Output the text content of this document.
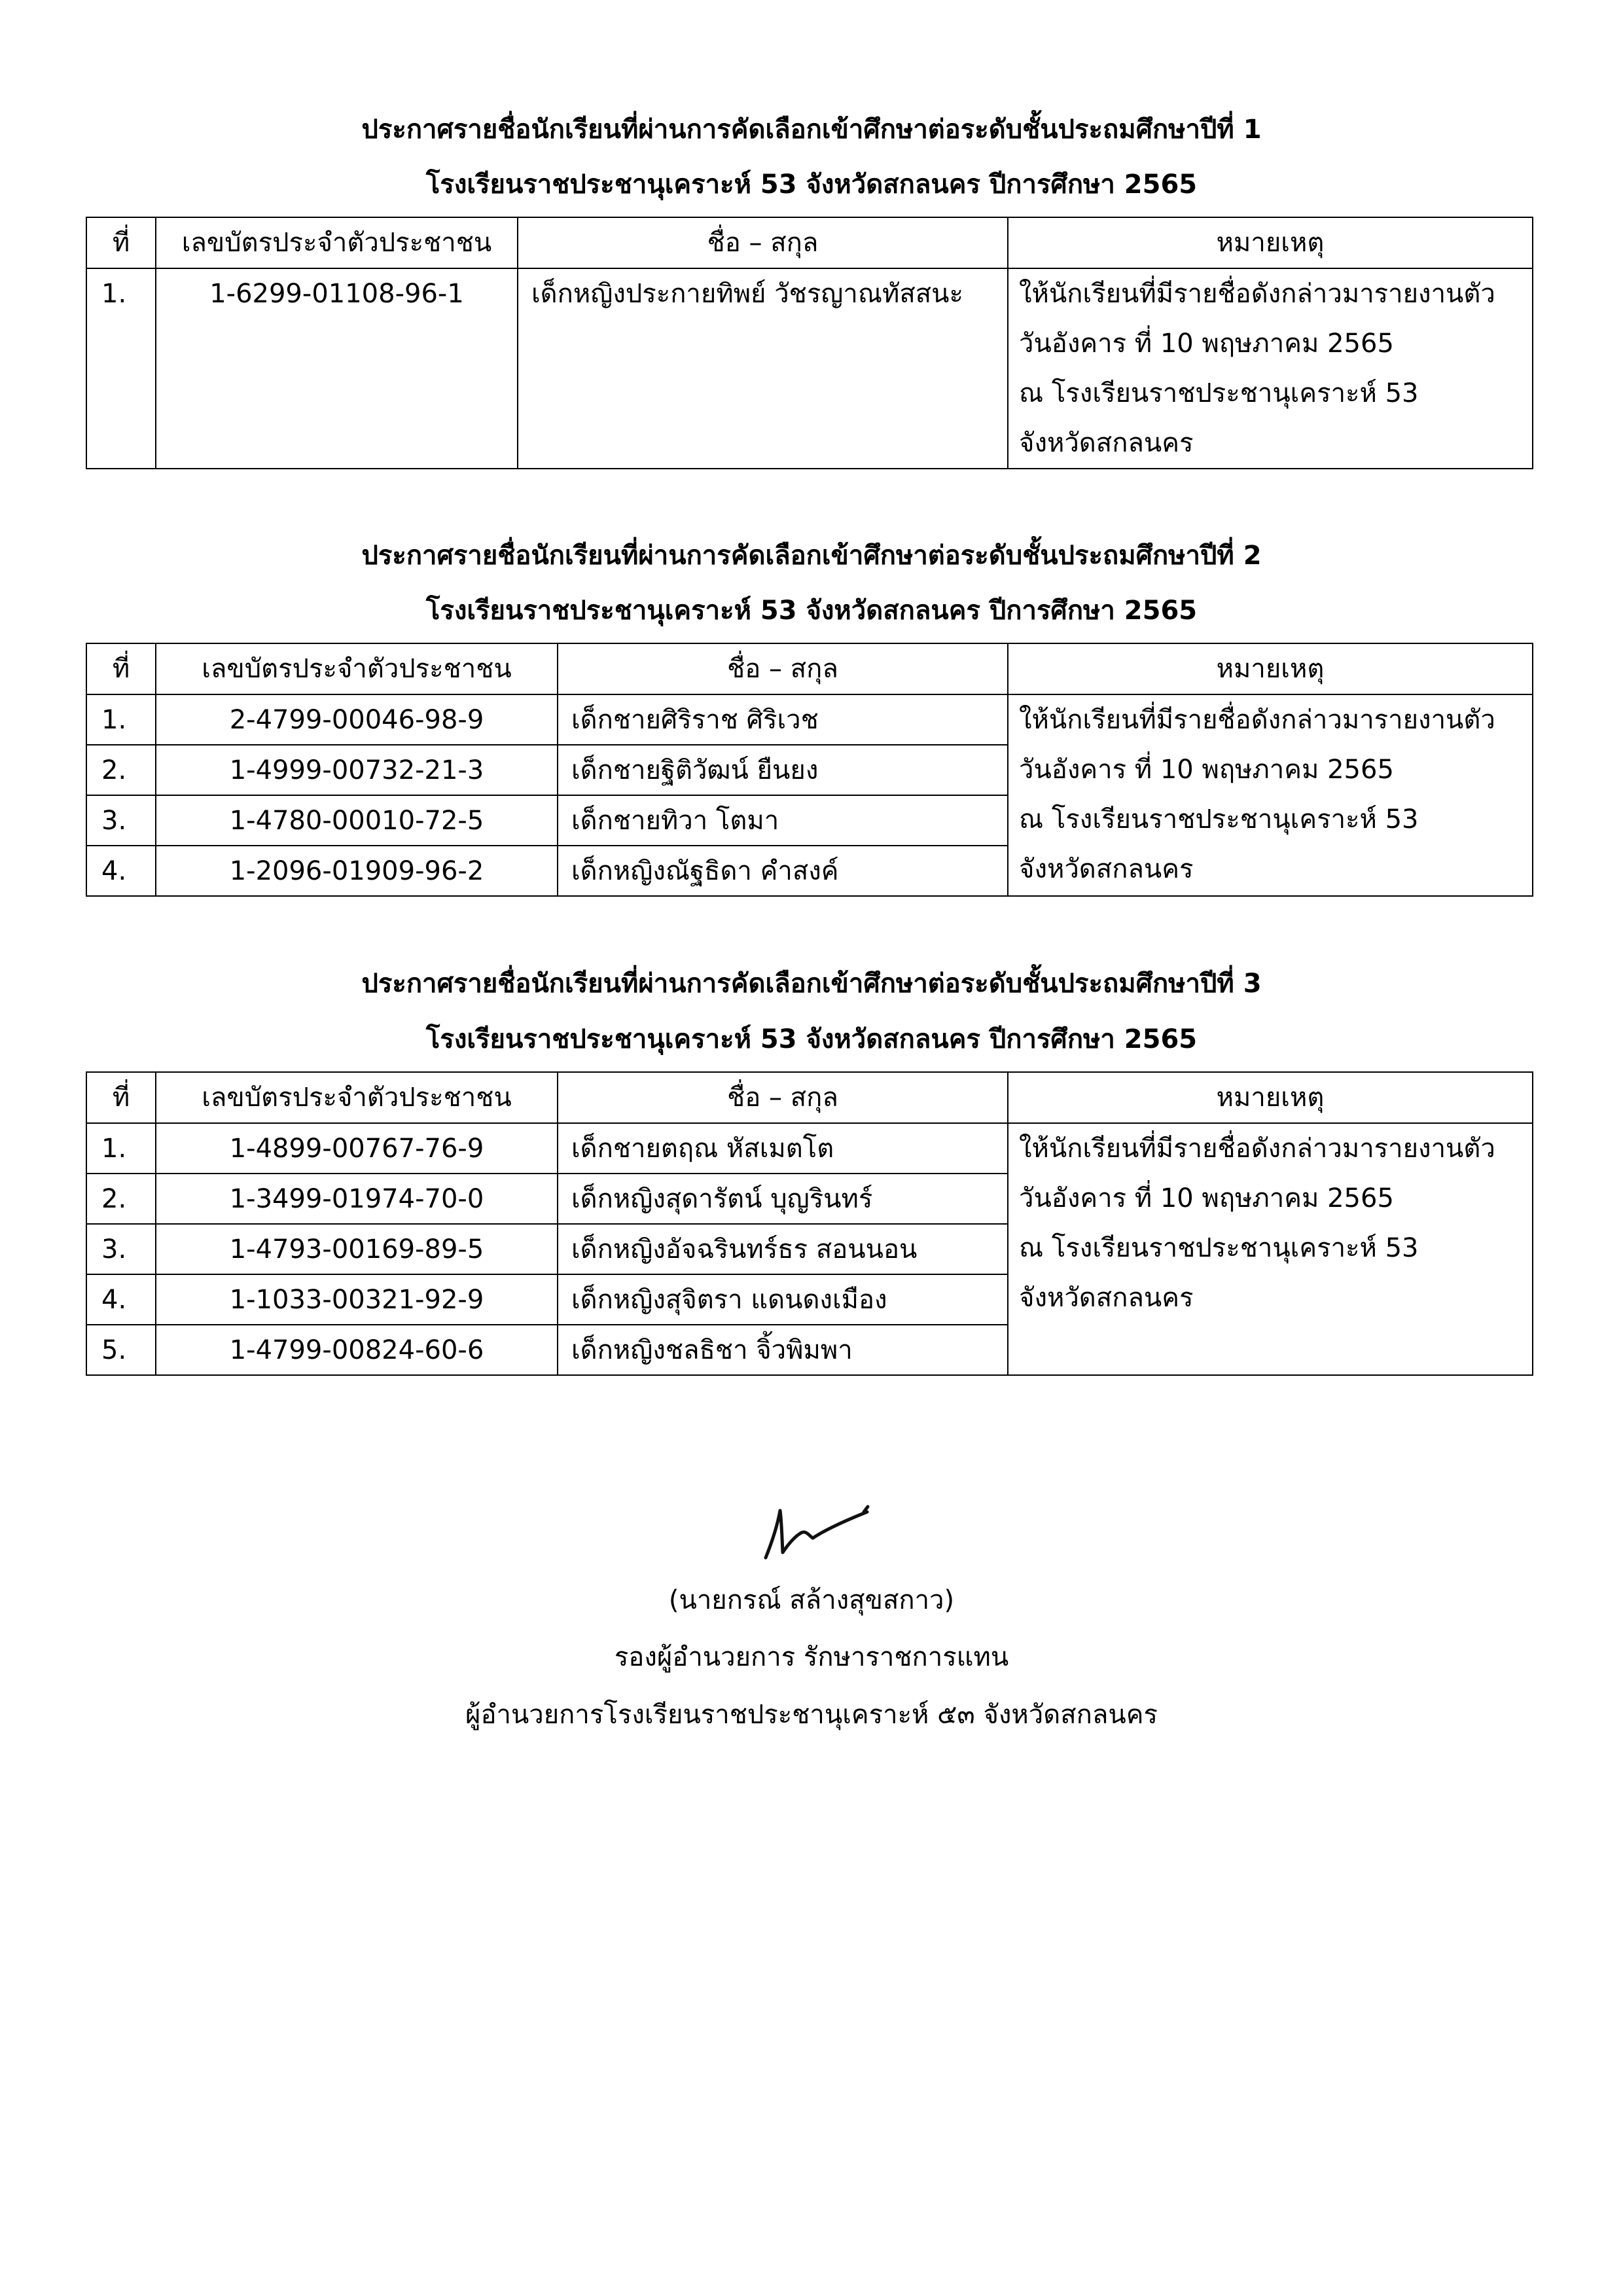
ประกาศรายชื่อนักเรียนที่ผ่านการคัดเลือกเข้าศึกษาต่อระดับชั้นประถมศึกษาปีที่ 1
โรงเรียนราชประชานุเคราะห์ 53 จังหวัดสกลนคร ปีการศึกษา 2565
ที่	เลขบัตรประจำตัวประชาชน	ชื่อ – สกุล	หมายเหตุ
1.	1-6299-01108-96-1	เด็กหญิงประกายทิพย์ วัชรญาณทัสสนะ	ให้นักเรียนที่มีรายชื่อดังกล่าวมารายงานตัว
วันอังคาร ที่ 10 พฤษภาคม 2565
ณ โรงเรียนราชประชานุเคราะห์ 53
จังหวัดสกลนคร
ประกาศรายชื่อนักเรียนที่ผ่านการคัดเลือกเข้าศึกษาต่อระดับชั้นประถมศึกษาปีที่ 2
โรงเรียนราชประชานุเคราะห์ 53 จังหวัดสกลนคร ปีการศึกษา 2565
ที่	เลขบัตรประจำตัวประชาชน	ชื่อ – สกุล	หมายเหตุ
1.	2-4799-00046-98-9	เด็กชายศิริราช ศิริเวช	ให้นักเรียนที่มีรายชื่อดังกล่าวมารายงานตัว
วันอังคาร ที่ 10 พฤษภาคม 2565
ณ โรงเรียนราชประชานุเคราะห์ 53
จังหวัดสกลนคร

2.	1-4999-00732-21-3	เด็กชายฐิติวัฒน์ ยืนยง	
3.	1-4780-00010-72-5	เด็กชายทิวา โตมา	
4.	1-2096-01909-96-2	เด็กหญิงณัฐธิดา คำสงค์	
ประกาศรายชื่อนักเรียนที่ผ่านการคัดเลือกเข้าศึกษาต่อระดับชั้นประถมศึกษาปีที่ 3
โรงเรียนราชประชานุเคราะห์ 53 จังหวัดสกลนคร ปีการศึกษา 2565
ที่	เลขบัตรประจำตัวประชาชน	ชื่อ – สกุล	หมายเหตุ
1.	1-4899-00767-76-9	เด็กชายตฤณ หัสเมตโต	ให้นักเรียนที่มีรายชื่อดังกล่าวมารายงานตัว
วันอังคาร ที่ 10 พฤษภาคม 2565
ณ โรงเรียนราชประชานุเคราะห์ 53
จังหวัดสกลนคร

2.	1-3499-01974-70-0	เด็กหญิงสุดารัตน์ บุญรินทร์	
3.	1-4793-00169-89-5	เด็กหญิงอัจฉรินทร์ธร สอนนอน	
4.	1-1033-00321-92-9	เด็กหญิงสุจิตรา แดนดงเมือง	
5.	1-4799-00824-60-6	เด็กหญิงชลธิชา จิ้วพิมพา	
(นายกรณ์ สล้างสุขสกาว)
รองผู้อำนวยการ รักษาราชการแทน
ผู้อำนวยการโรงเรียนราชประชานุเคราะห์ ๕๓ จังหวัดสกลนคร
